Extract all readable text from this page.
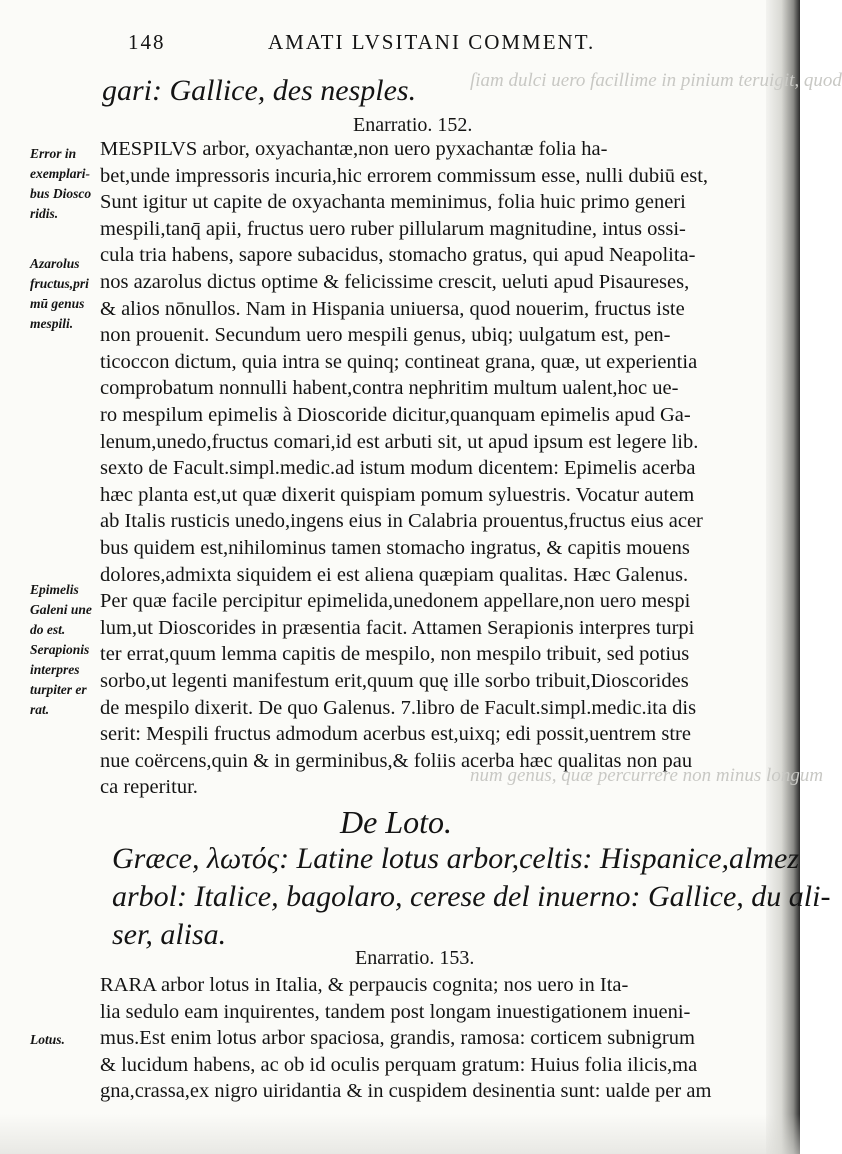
ſiam dulci uero facillime in pinium teruigit, quod
num genus, quæ percurrere non minus longum
148	AMATI LVSITANI COMMENT.
gari: Gallice, des nesples.
Enarratio. 152.
MESPILVS arbor, oxyachantæ,non uero pyxachantæ folia ha-
bet,unde impressoris incuria,hic errorem commissum esse, nulli dubiū est,
Sunt igitur ut capite de oxyachanta meminimus, folia huic primo generi
mespili,tanq̄ apii, fructus uero ruber pillularum magnitudine, intus ossi-
cula tria habens, sapore subacidus, stomacho gratus, qui apud Neapolita-
nos azarolus dictus optime & felicissime crescit, ueluti apud Pisaureses,
& alios nōnullos. Nam in Hispania uniuersa, quod nouerim, fructus iste
non prouenit. Secundum uero mespili genus, ubiq; uulgatum est, pen-
ticoccon dictum, quia intra se quinq; contineat grana, quæ, ut experientia
comprobatum nonnulli habent,contra nephritim multum ualent,hoc ue-
ro mespilum epimelis à Dioscoride dicitur,quanquam epimelis apud Ga-
lenum,unedo,fructus comari,id est arbuti sit, ut apud ipsum est legere lib.
sexto de Facult.simpl.medic.ad istum modum dicentem: Epimelis acerba
hæc planta est,ut quæ dixerit quispiam pomum syluestris. Vocatur autem
ab Italis rusticis unedo,ingens eius in Calabria prouentus,fructus eius acer
bus quidem est,nihilominus tamen stomacho ingratus, & capitis mouens
dolores,admixta siquidem ei est aliena quæpiam qualitas. Hæc Galenus.
Per quæ facile percipitur epimelida,unedonem appellare,non uero mespi
lum,ut Dioscorides in præsentia facit. Attamen Serapionis interpres turpi
ter errat,quum lemma capitis de mespilo, non mespilo tribuit, sed potius
sorbo,ut legenti manifestum erit,quum quę ille sorbo tribuit,Dioscorides
de mespilo dixerit. De quo Galenus. 7.libro de Facult.simpl.medic.ita dis
serit: Mespili fructus admodum acerbus est,uixq; edi possit,uentrem stre
nue coërcens,quin & in germinibus,& foliis acerba hæc qualitas non pau
ca reperitur.
Error in
exemplari-
bus Diosco
ridis.
Azarolus
fructus,pri
mū genus
mespili.
Epimelis
Galeni une
do est.
Serapionis
interpres
turpiter er
rat.
De Loto.
Græce, λωτός: Latine lotus arbor,celtis: Hispanice,almez
arbol: Italice, bagolaro, cerese del inuerno: Gallice, du ali-
ser, alisa.
Enarratio. 153.
RARA arbor lotus in Italia, & perpaucis cognita; nos uero in Ita-
lia sedulo eam inquirentes, tandem post longam inuestigationem inueni-
mus.Est enim lotus arbor spaciosa, grandis, ramosa: corticem subnigrum
& lucidum habens, ac ob id oculis perquam gratum: Huius folia ilicis,ma
gna,crassa,ex nigro uiridantia & in cuspidem desinentia sunt: ualde per am
Lotus.
